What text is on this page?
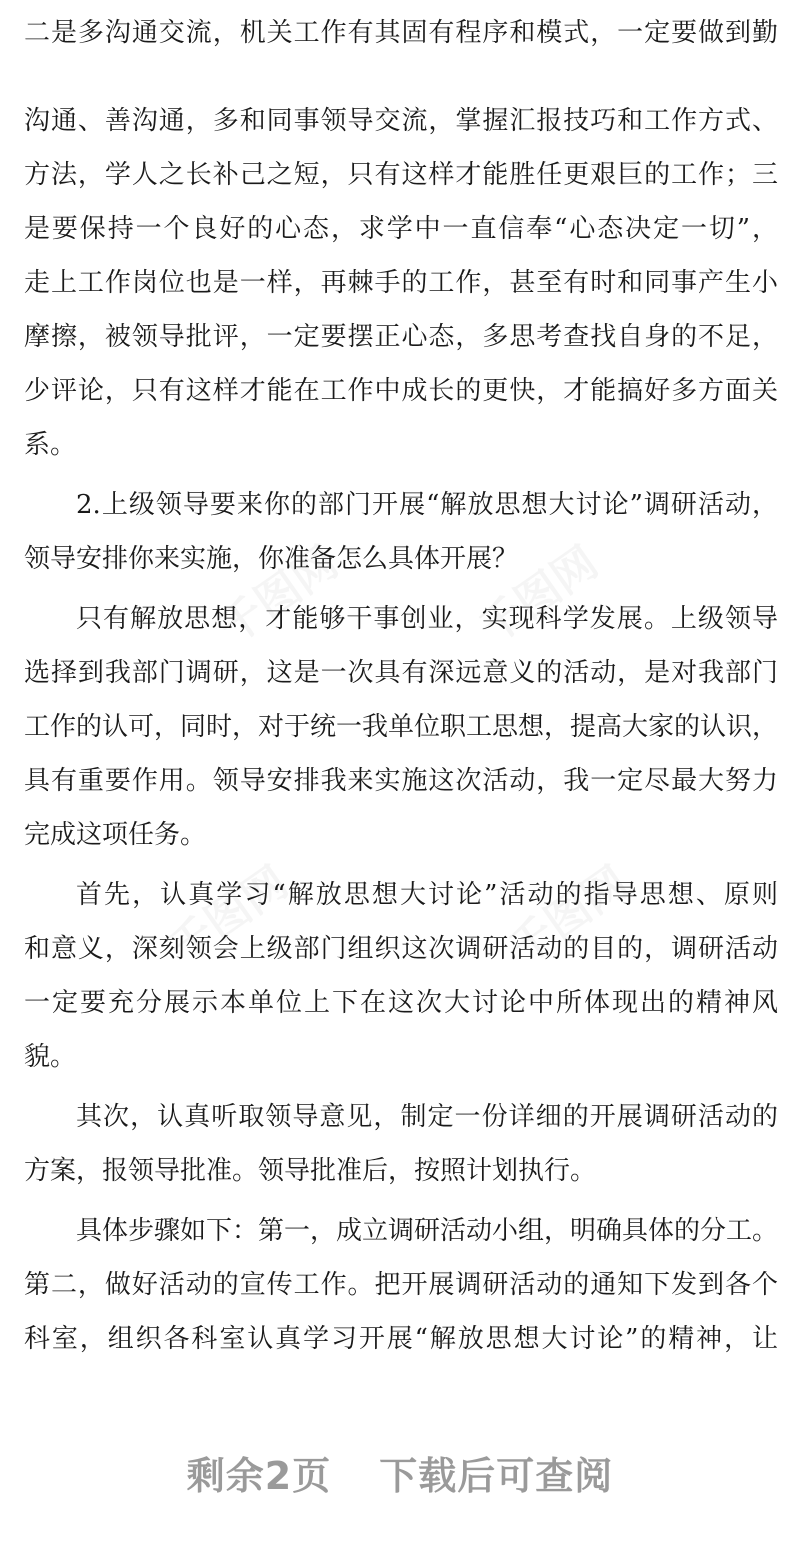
千图网	千图网
千图网	千图网
二是多沟通交流，机关工作有其固有程序和模式，一定要做到勤
沟通、善沟通，多和同事领导交流，掌握汇报技巧和工作方式、
方法，学人之长补己之短，只有这样才能胜任更艰巨的工作；三
是要保持一个良好的心态，求学中一直信奉“心态决定一切”，
走上工作岗位也是一样，再棘手的工作，甚至有时和同事产生小
摩擦，被领导批评，一定要摆正心态，多思考查找自身的不足，
少评论，只有这样才能在工作中成长的更快，才能搞好多方面关
系。
2.上级领导要来你的部门开展“解放思想大讨论”调研活动，
领导安排你来实施，你准备怎么具体开展？
只有解放思想，才能够干事创业，实现科学发展。上级领导
选择到我部门调研，这是一次具有深远意义的活动，是对我部门
工作的认可，同时，对于统一我单位职工思想，提高大家的认识，
具有重要作用。领导安排我来实施这次活动，我一定尽最大努力
完成这项任务。
首先，认真学习“解放思想大讨论”活动的指导思想、原则
和意义，深刻领会上级部门组织这次调研活动的目的，调研活动
一定要充分展示本单位上下在这次大讨论中所体现出的精神风
貌。
其次，认真听取领导意见，制定一份详细的开展调研活动的
方案，报领导批准。领导批准后，按照计划执行。
具体步骤如下：第一，成立调研活动小组，明确具体的分工。
第二，做好活动的宣传工作。把开展调研活动的通知下发到各个
科室，组织各科室认真学习开展“解放思想大讨论”的精神，让
剩余2页 下载后可查阅
